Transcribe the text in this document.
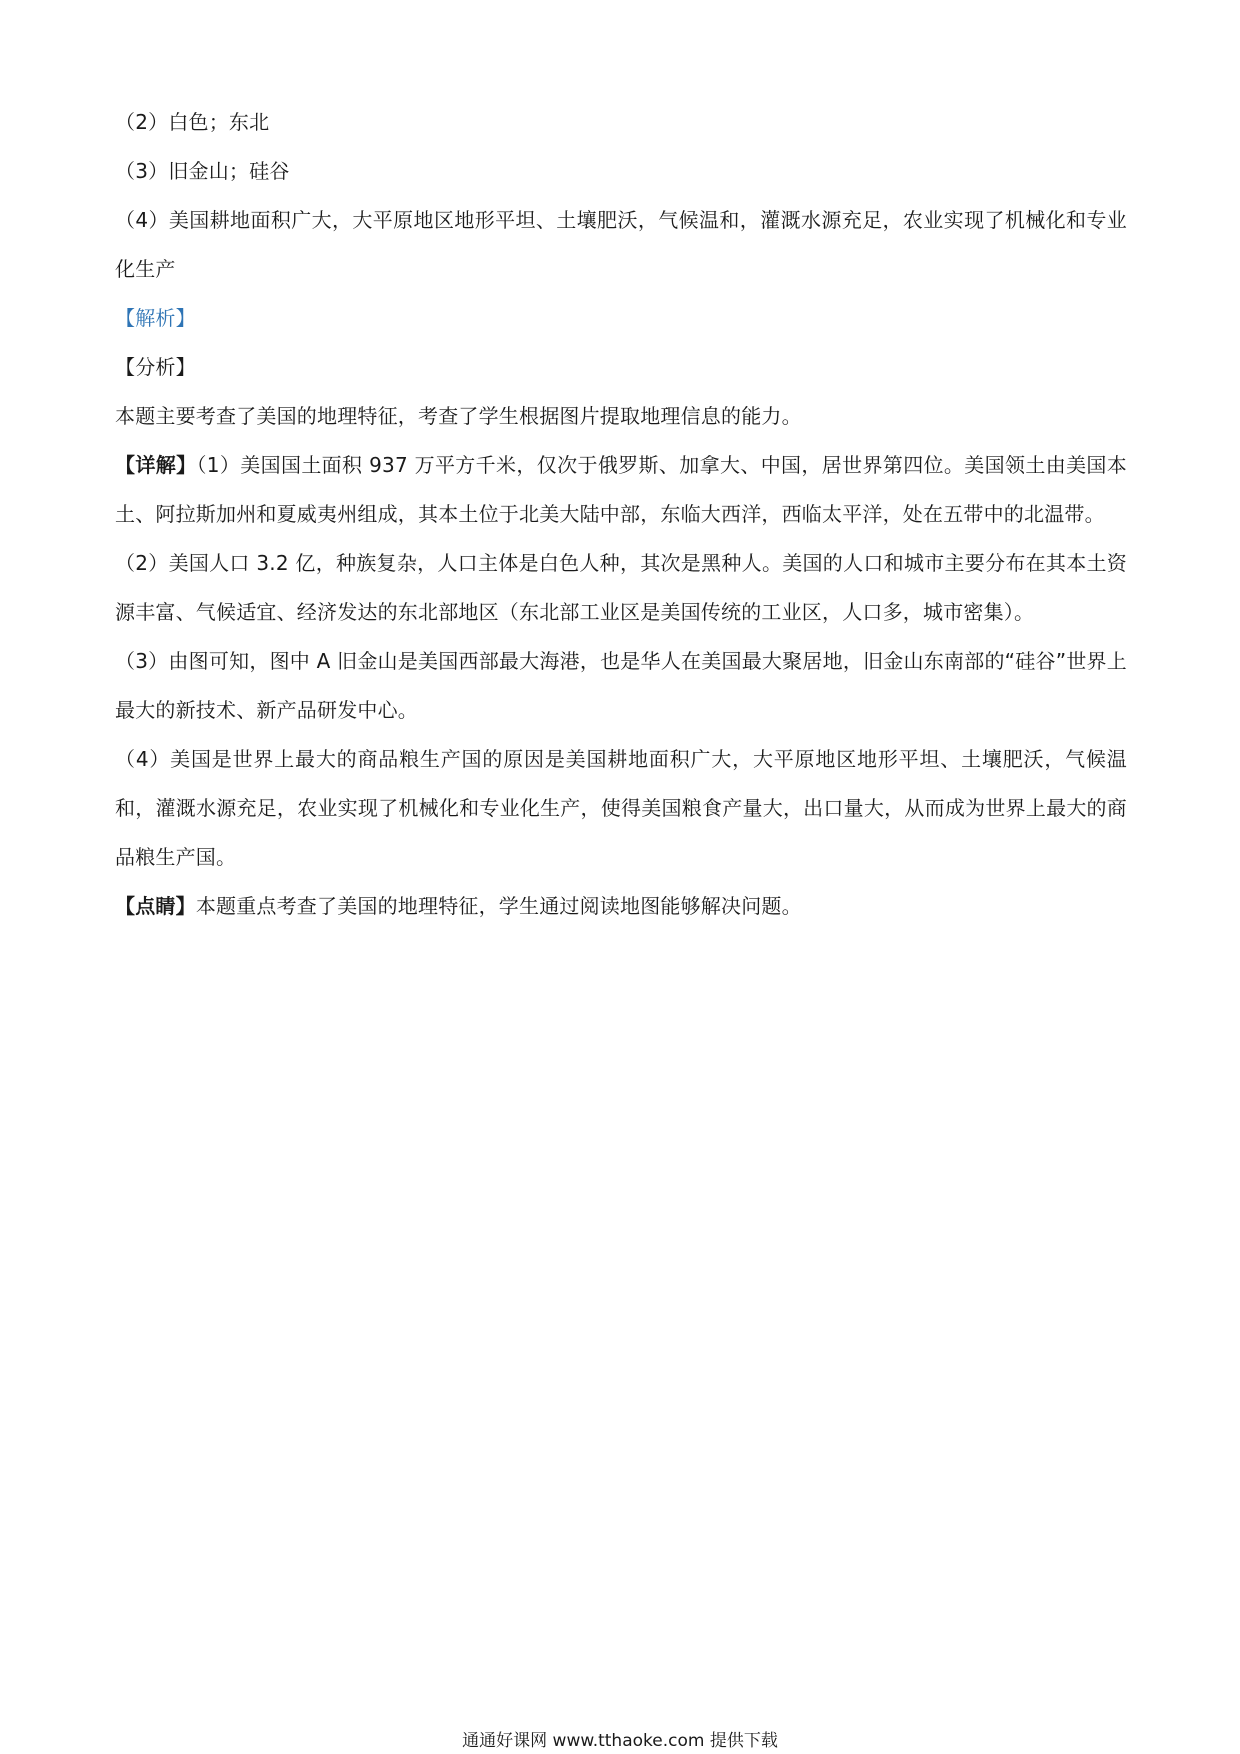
（2）白色；东北

（3）旧金山；硅谷

（4）美国耕地面积广大，大平原地区地形平坦、土壤肥沃，气候温和，灌溉水源充足，农业实现了机械化和专业化生产

【解析】

【分析】

本题主要考查了美国的地理特征，考查了学生根据图片提取地理信息的能力。

【详解】（1）美国国土面积 937 万平方千米，仅次于俄罗斯、加拿大、中国，居世界第四位。美国领土由美国本土、阿拉斯加州和夏威夷州组成，其本土位于北美大陆中部，东临大西洋，西临太平洋，处在五带中的北温带。

（2）美国人口 3.2 亿，种族复杂，人口主体是白色人种，其次是黑种人。美国的人口和城市主要分布在其本土资源丰富、气候适宜、经济发达的东北部地区（东北部工业区是美国传统的工业区，人口多，城市密集）。

（3）由图可知，图中 A 旧金山是美国西部最大海港，也是华人在美国最大聚居地，旧金山东南部的“硅谷”世界上最大的新技术、新产品研发中心。

（4）美国是世界上最大的商品粮生产国的原因是美国耕地面积广大，大平原地区地形平坦、土壤肥沃，气候温和，灌溉水源充足，农业实现了机械化和专业化生产，使得美国粮食产量大，出口量大，从而成为世界上最大的商品粮生产国。

【点睛】本题重点考查了美国的地理特征，学生通过阅读地图能够解决问题。

通通好课网 www.tthaoke.com 提供下载
